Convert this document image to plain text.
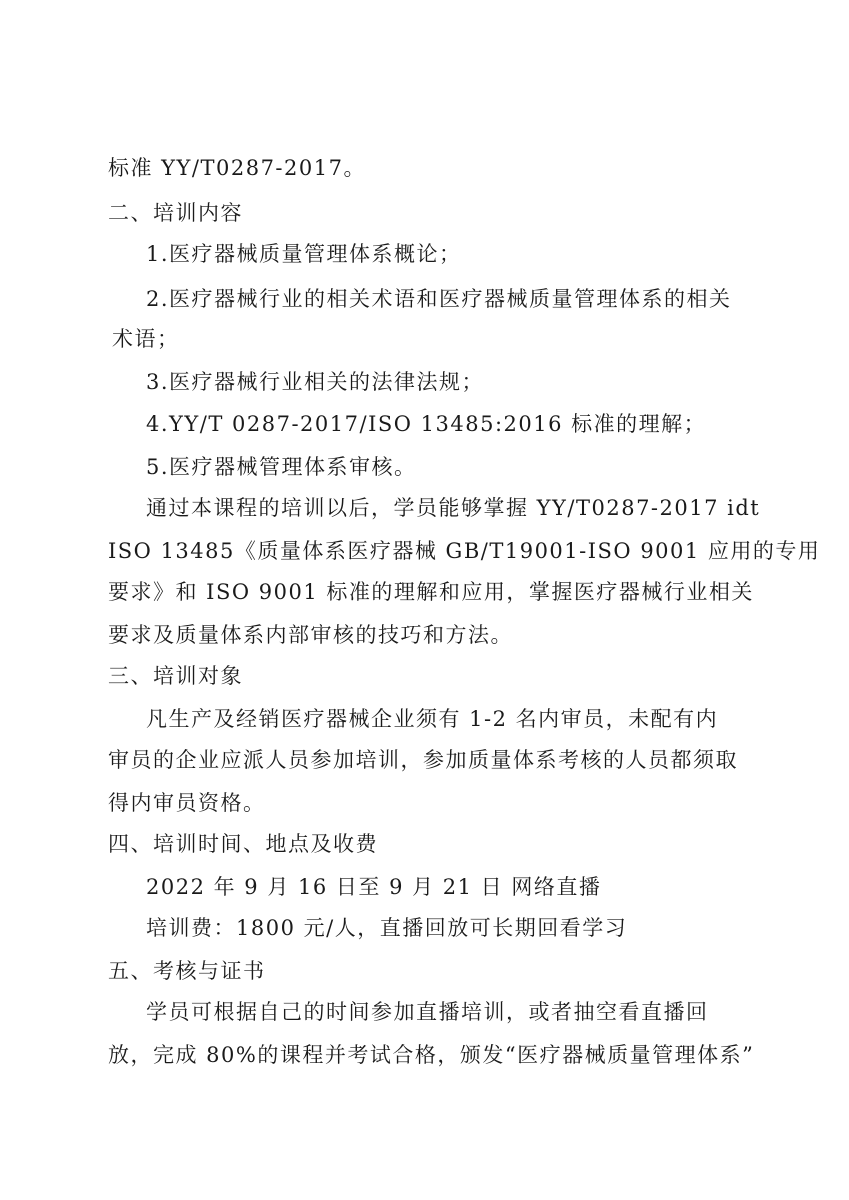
标准 YY/T0287-2017。
二、培训内容
1.医疗器械质量管理体系概论；
2.医疗器械行业的相关术语和医疗器械质量管理体系的相关
术语；
3.医疗器械行业相关的法律法规；
4.YY/T 0287-2017/ISO 13485:2016 标准的理解；
5.医疗器械管理体系审核。
通过本课程的培训以后，学员能够掌握 YY/T0287-2017 idt
ISO 13485《质量体系医疗器械 GB/T19001-ISO 9001 应用的专用
要求》和 ISO 9001 标准的理解和应用，掌握医疗器械行业相关
要求及质量体系内部审核的技巧和方法。
三、培训对象
凡生产及经销医疗器械企业须有 1-2 名内审员，未配有内
审员的企业应派人员参加培训，参加质量体系考核的人员都须取
得内审员资格。
四、培训时间、地点及收费
2022 年 9 月 16 日至 9 月 21 日 网络直播
培训费：1800 元/人，直播回放可长期回看学习
五、考核与证书
学员可根据自己的时间参加直播培训，或者抽空看直播回
放，完成 80%的课程并考试合格，颁发“医疗器械质量管理体系”
